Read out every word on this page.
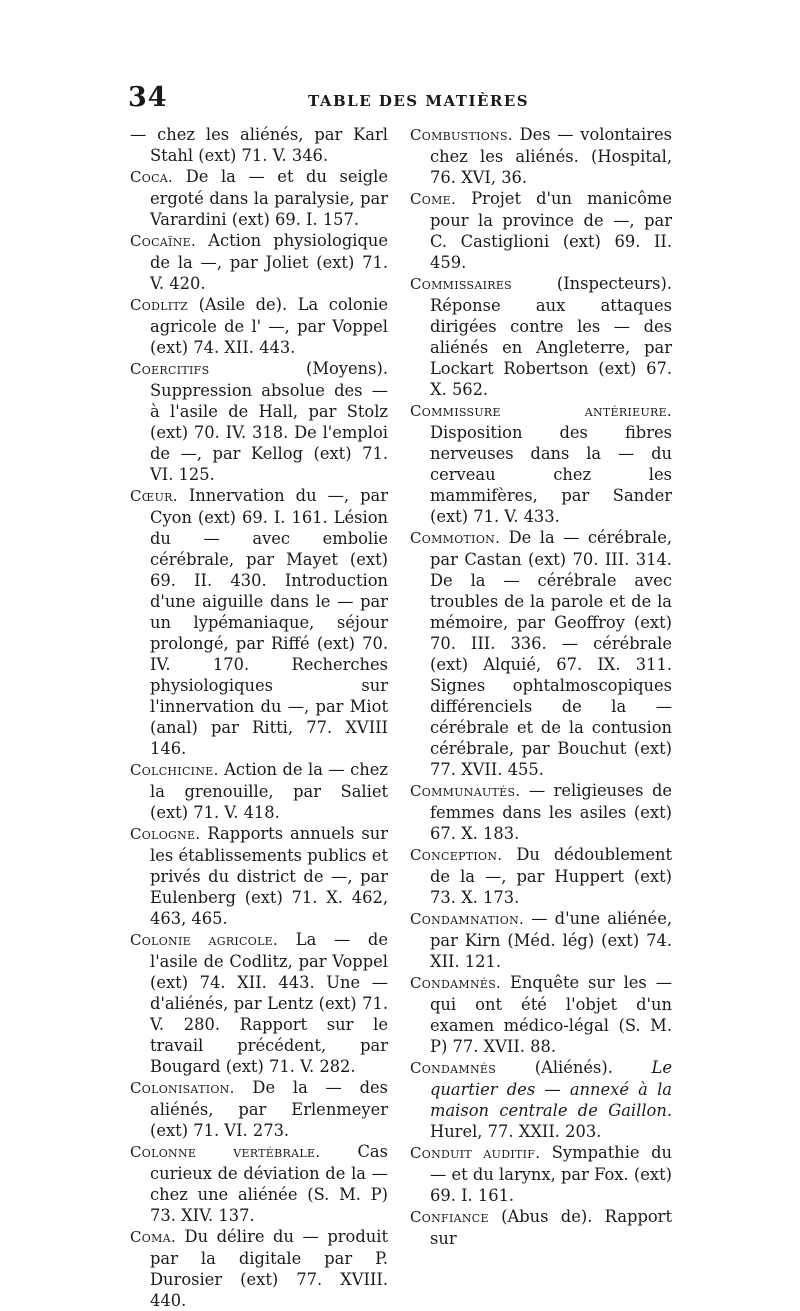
34	TABLE DES MATIÈRES

— chez les aliénés, par Karl Stahl (ext) 71. V. 346.

Coca. De la — et du seigle ergoté dans la paralysie, par Varardini (ext) 69. I. 157.

Cocaïne. Action physiologique de la —, par Joliet (ext) 71. V. 420.

Codlitz (Asile de). La colonie agricole de l' —, par Voppel (ext) 74. XII. 443.

Coercitifs (Moyens). Suppression absolue des — à l'asile de Hall, par Stolz (ext) 70. IV. 318. De l'emploi de —, par Kellog (ext) 71. VI. 125.

Cœur. Innervation du —, par Cyon (ext) 69. I. 161. Lésion du — avec embolie cérébrale, par Mayet (ext) 69. II. 430. Introduction d'une aiguille dans le — par un lypémaniaque, séjour prolongé, par Riffé (ext) 70. IV. 170. Recherches physiologiques sur l'innervation du —, par Miot (anal) par Ritti, 77. XVIII 146.

Colchicine. Action de la — chez la grenouille, par Saliet (ext) 71. V. 418.

Cologne. Rapports annuels sur les établissements publics et privés du district de —, par Eulenberg (ext) 71. X. 462, 463, 465.

Colonie agricole. La — de l'asile de Codlitz, par Voppel (ext) 74. XII. 443. Une — d'aliénés, par Lentz (ext) 71. V. 280. Rapport sur le travail précédent, par Bougard (ext) 71. V. 282.

Colonisation. De la — des aliénés, par Erlenmeyer (ext) 71. VI. 273.

Colonne vertébrale. Cas curieux de déviation de la — chez une aliénée (S. M. P) 73. XIV. 137.

Coma. Du délire du — produit par la digitale par P. Durosier (ext) 77. XVIII. 440.

Combustions. Des — volontaires chez les aliénés. (Hospital, 76. XVI, 36.

Come. Projet d'un manicôme pour la province de —, par C. Castiglioni (ext) 69. II. 459.

Commissaires (Inspecteurs). Réponse aux attaques dirigées contre les — des aliénés en Angleterre, par Lockart Robertson (ext) 67. X. 562.

Commissure antérieure. Disposition des fibres nerveuses dans la — du cerveau chez les mammifères, par Sander (ext) 71. V. 433.

Commotion. De la — cérébrale, par Castan (ext) 70. III. 314. De la — cérébrale avec troubles de la parole et de la mémoire, par Geoffroy (ext) 70. III. 336. — cérébrale (ext) Alquié, 67. IX. 311. Signes ophtalmoscopiques différenciels de la — cérébrale et de la contusion cérébrale, par Bouchut (ext) 77. XVII. 455.

Communautés. — religieuses de femmes dans les asiles (ext) 67. X. 183.

Conception. Du dédoublement de la —, par Huppert (ext) 73. X. 173.

Condamnation. — d'une aliénée, par Kirn (Méd. lég) (ext) 74. XII. 121.

Condamnés. Enquête sur les — qui ont été l'objet d'un examen médico-légal (S. M. P) 77. XVII. 88.

Condamnés (Aliénés). Le quartier des — annexé à la maison centrale de Gaillon. Hurel, 77. XXII. 203.

Conduit auditif. Sympathie du — et du larynx, par Fox. (ext) 69. I. 161.

Confiance (Abus de). Rapport sur
